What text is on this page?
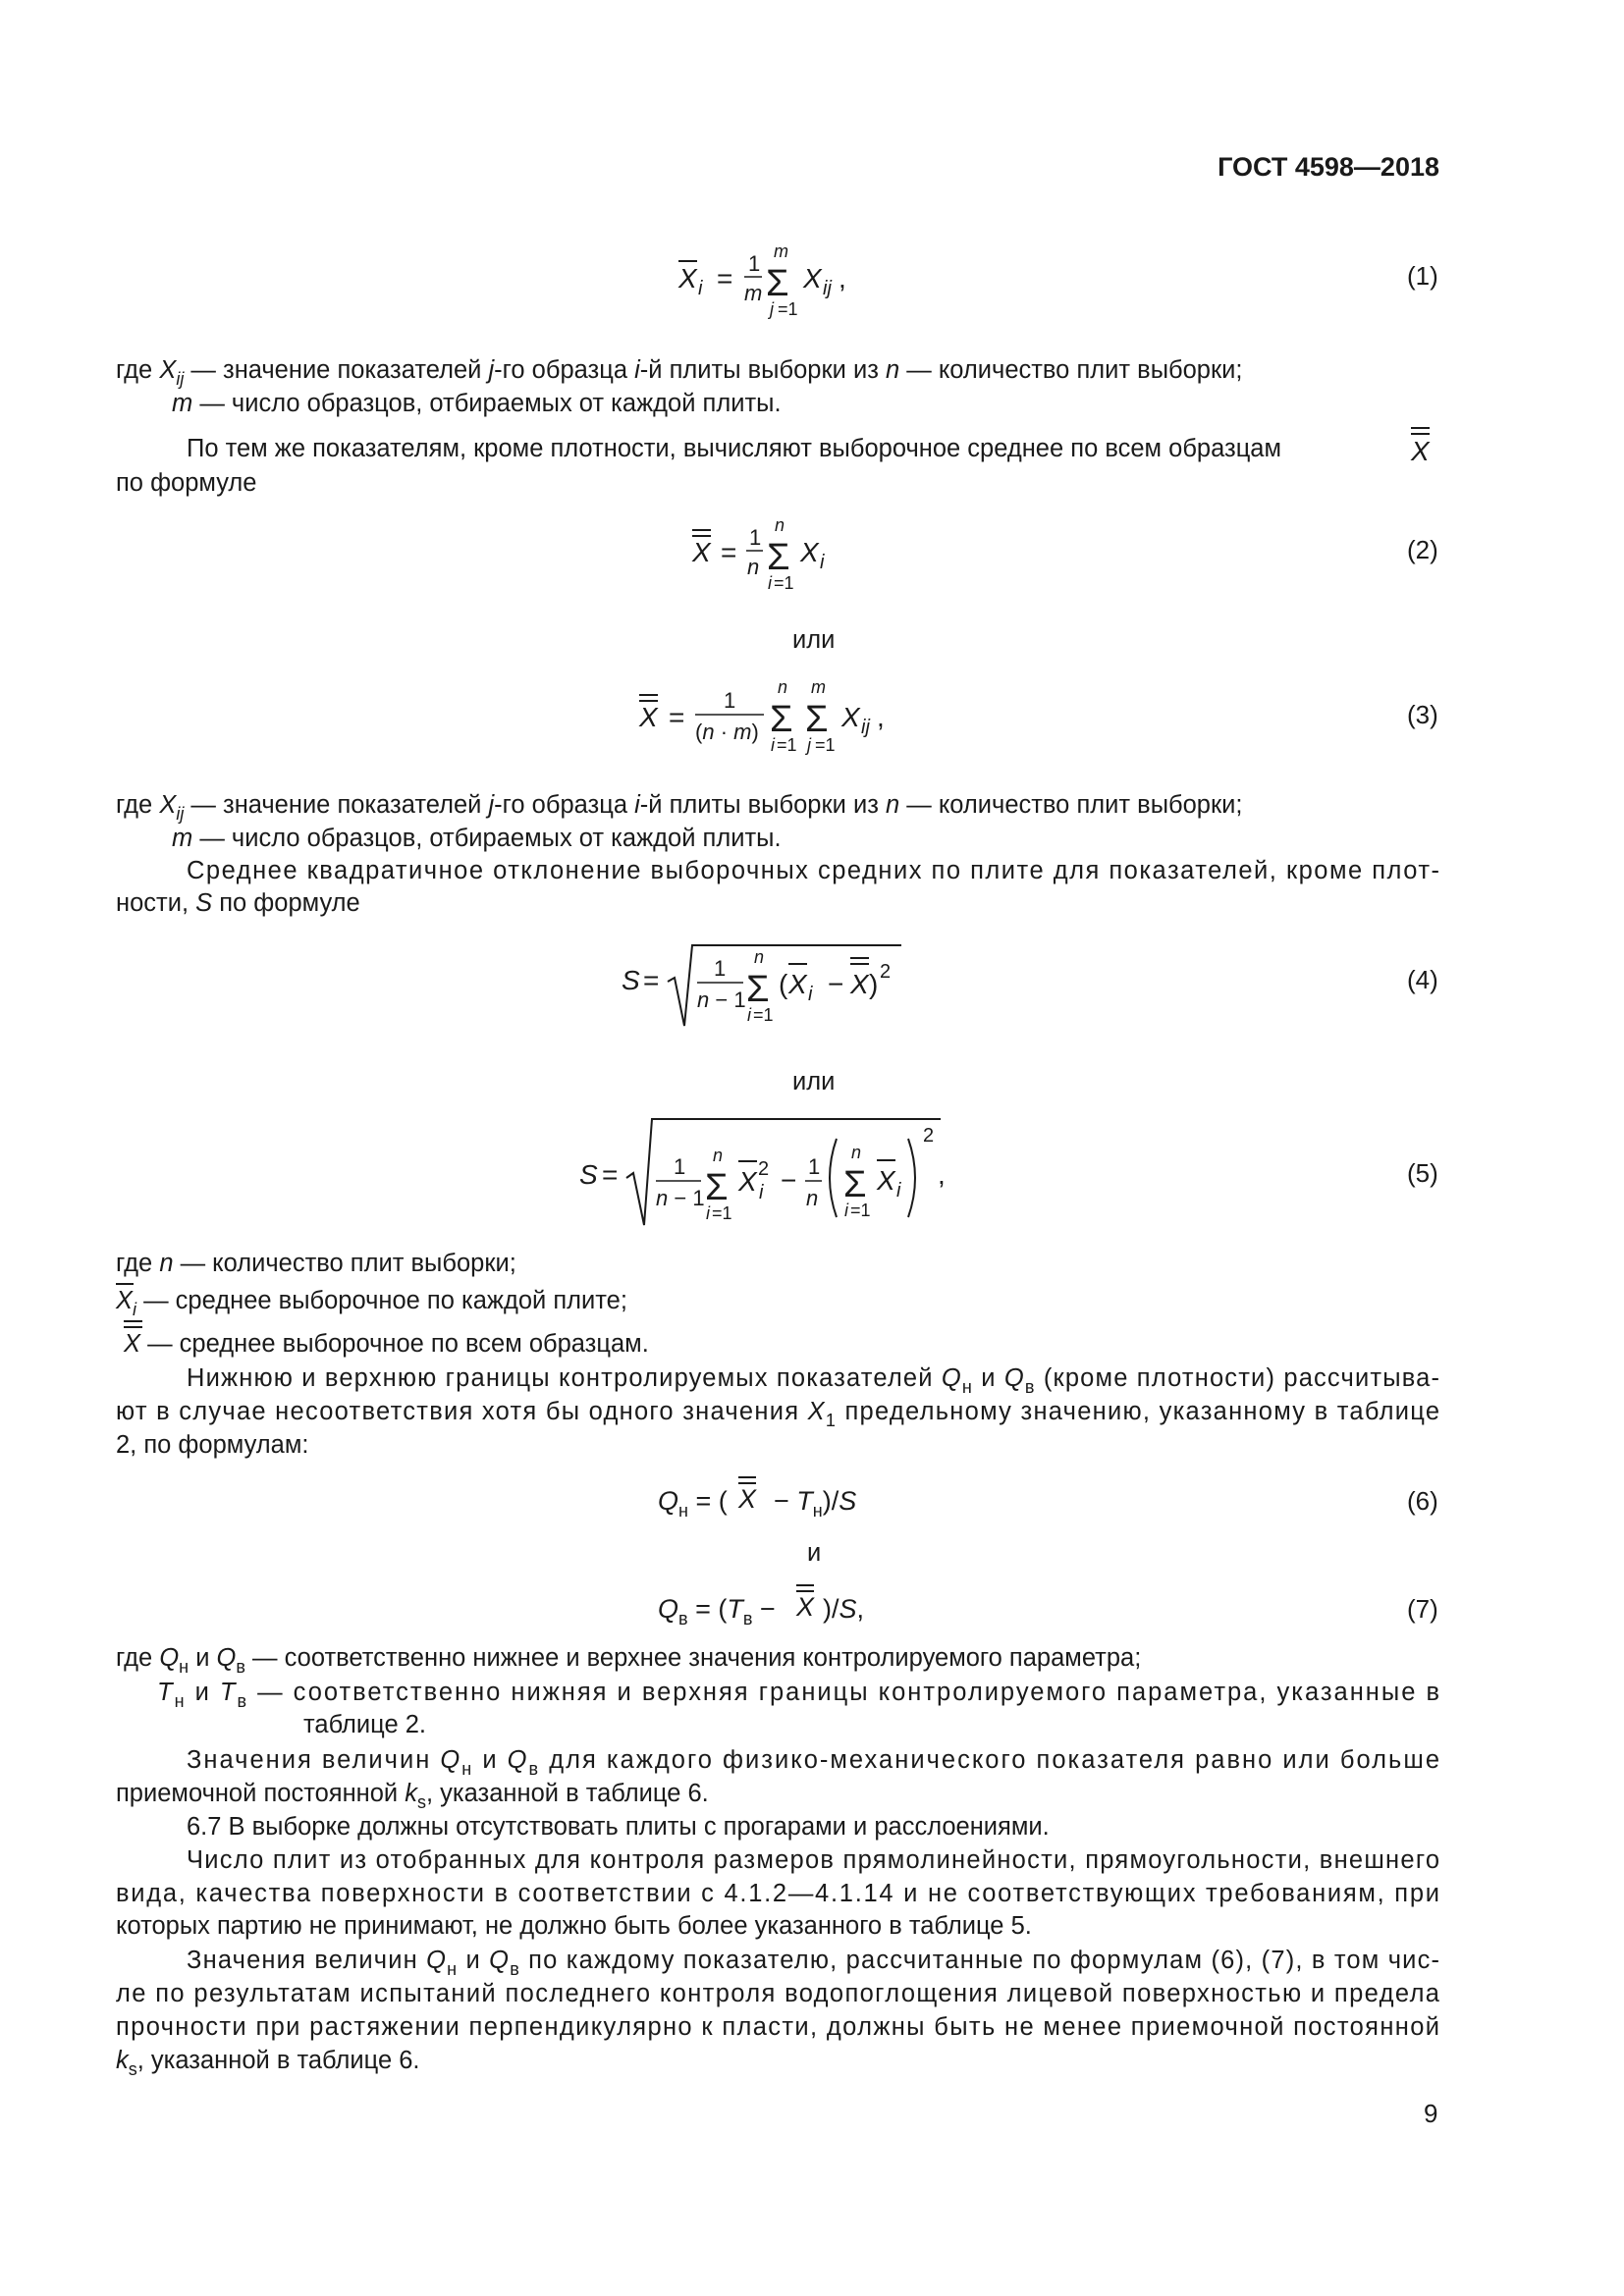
ГОСТ 4598—2018
X i = 1
m
m
Σ
j =1
X ij ,	(1)
где $X_{ij}$ — значение показателей j-го образца i-й плиты выборки из n — количество плит выборки;
m — число образцов, отбираемых от каждой плиты.
По тем же показателям, кроме плотности, вычисляют выборочное среднее по всем образцам	X
по формуле
X = 1
n
n
Σ
i =1
X i	(2)
или
X =
1
(n · m)
n
Σ
i =1
m
Σ
j =1
X ij ,	(3)
где $X_{ij}$ — значение показателей j-го образца i-й плиты выборки из n — количество плит выборки;
m — число образцов, отбираемых от каждой плиты.
Среднее квадратичное отклонение выборочных средних по плите для показателей, кроме плот-
ности, S по формуле
S =	1
n − 1
n
Σ
i =1
( X i − X ) 2	(4)
или
S =	1
n − 1
n
Σ
i =1
X 2
i − 1
n
n
Σ
i =1
X i
2
,	(5)
где n — количество плит выборки;
$X_i$ — среднее выборочное по каждой плите;
X — среднее выборочное по всем образцам.
Нижнюю и верхнюю границы контролируемых показателей $Q_н$ и $Q_в$ (кроме плотности) рассчитыва-
ют в случае несоответствия хотя бы одного значения $X_1$ предельному значению, указанному в таблице
2, по формулам:
$Q_н$ = ( $X - T_н)/S$	(6)
и
$Q_в = (T_в - X$ )/S,	(7)
где $Q_н$ и $Q_в$ — соответственно нижнее и верхнее значения контролируемого параметра;
T $_н$ и T $_в$ — соответственно нижняя и верхняя границы контролируемого параметра, указанные в
таблице 2.
Значения величин Q $_н$ и Q $_в$ для каждого физико-механического показателя равно или больше
приемочной постоянной $k_s$, указанной в таблице 6.
6.7 В выборке должны отсутствовать плиты с прогарами и расслоениями.
Число плит из отобранных для контроля размеров прямолинейности, прямоугольности, внешнего
вида, качества поверхности в соответствии с 4.1.2—4.1.14 и не соответствующих требованиям, при
которых партию не принимают, не должно быть более указанного в таблице 5.
Значения величин $Q_н$ и $Q_в$ по каждому показателю, рассчитанные по формулам (6), (7), в том чис-
ле по результатам испытаний последнего контроля водопоглощения лицевой поверхностью и предела
прочности при растяжении перпендикулярно к пласти, должны быть не менее приемочной постоянной
$k_s$, указанной в таблице 6.
9
